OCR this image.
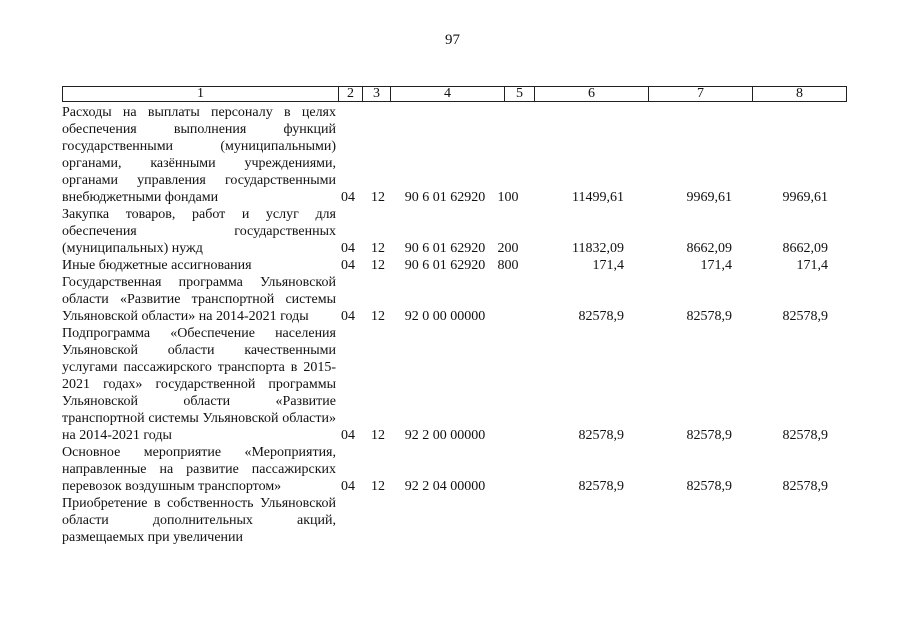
97
1	2	3	4	5	6	7	8
Расходы на выплаты персоналу в целях обеспечения выполнения функций государственными (муниципальными) органами, казёнными учреждениями, органами управления государственными внебюджетными фондами	04	12	90 6 01 62920 100	11499,61	9969,61	9969,61
Закупка товаров, работ и услуг для обеспечения государственных (муниципальных) нужд	04	12	90 6 01 62920 200	11832,09	8662,09	8662,09
Иные бюджетные ассигнования	04	12	90 6 01 62920 800	171,4	171,4	171,4
Государственная программа Ульяновской области «Развитие транспортной системы Ульяновской области» на 2014-2021 годы	04	12	92 0 00 00000	82578,9	82578,9	82578,9
Подпрограмма «Обеспечение населения Ульяновской области качественными услугами пассажирского транспорта в 2015-2021 годах» государственной программы Ульяновской области «Развитие транспортной системы Ульяновской области» на 2014-2021 годы	04	12	92 2 00 00000	82578,9	82578,9	82578,9
Основное мероприятие «Мероприятия, направленные на развитие пассажирских перевозок воздушным транспортом»	04	12	92 2 04 00000	82578,9	82578,9	82578,9
Приобретение в собственность Ульяновской области дополнительных акций, размещаемых при увеличении
